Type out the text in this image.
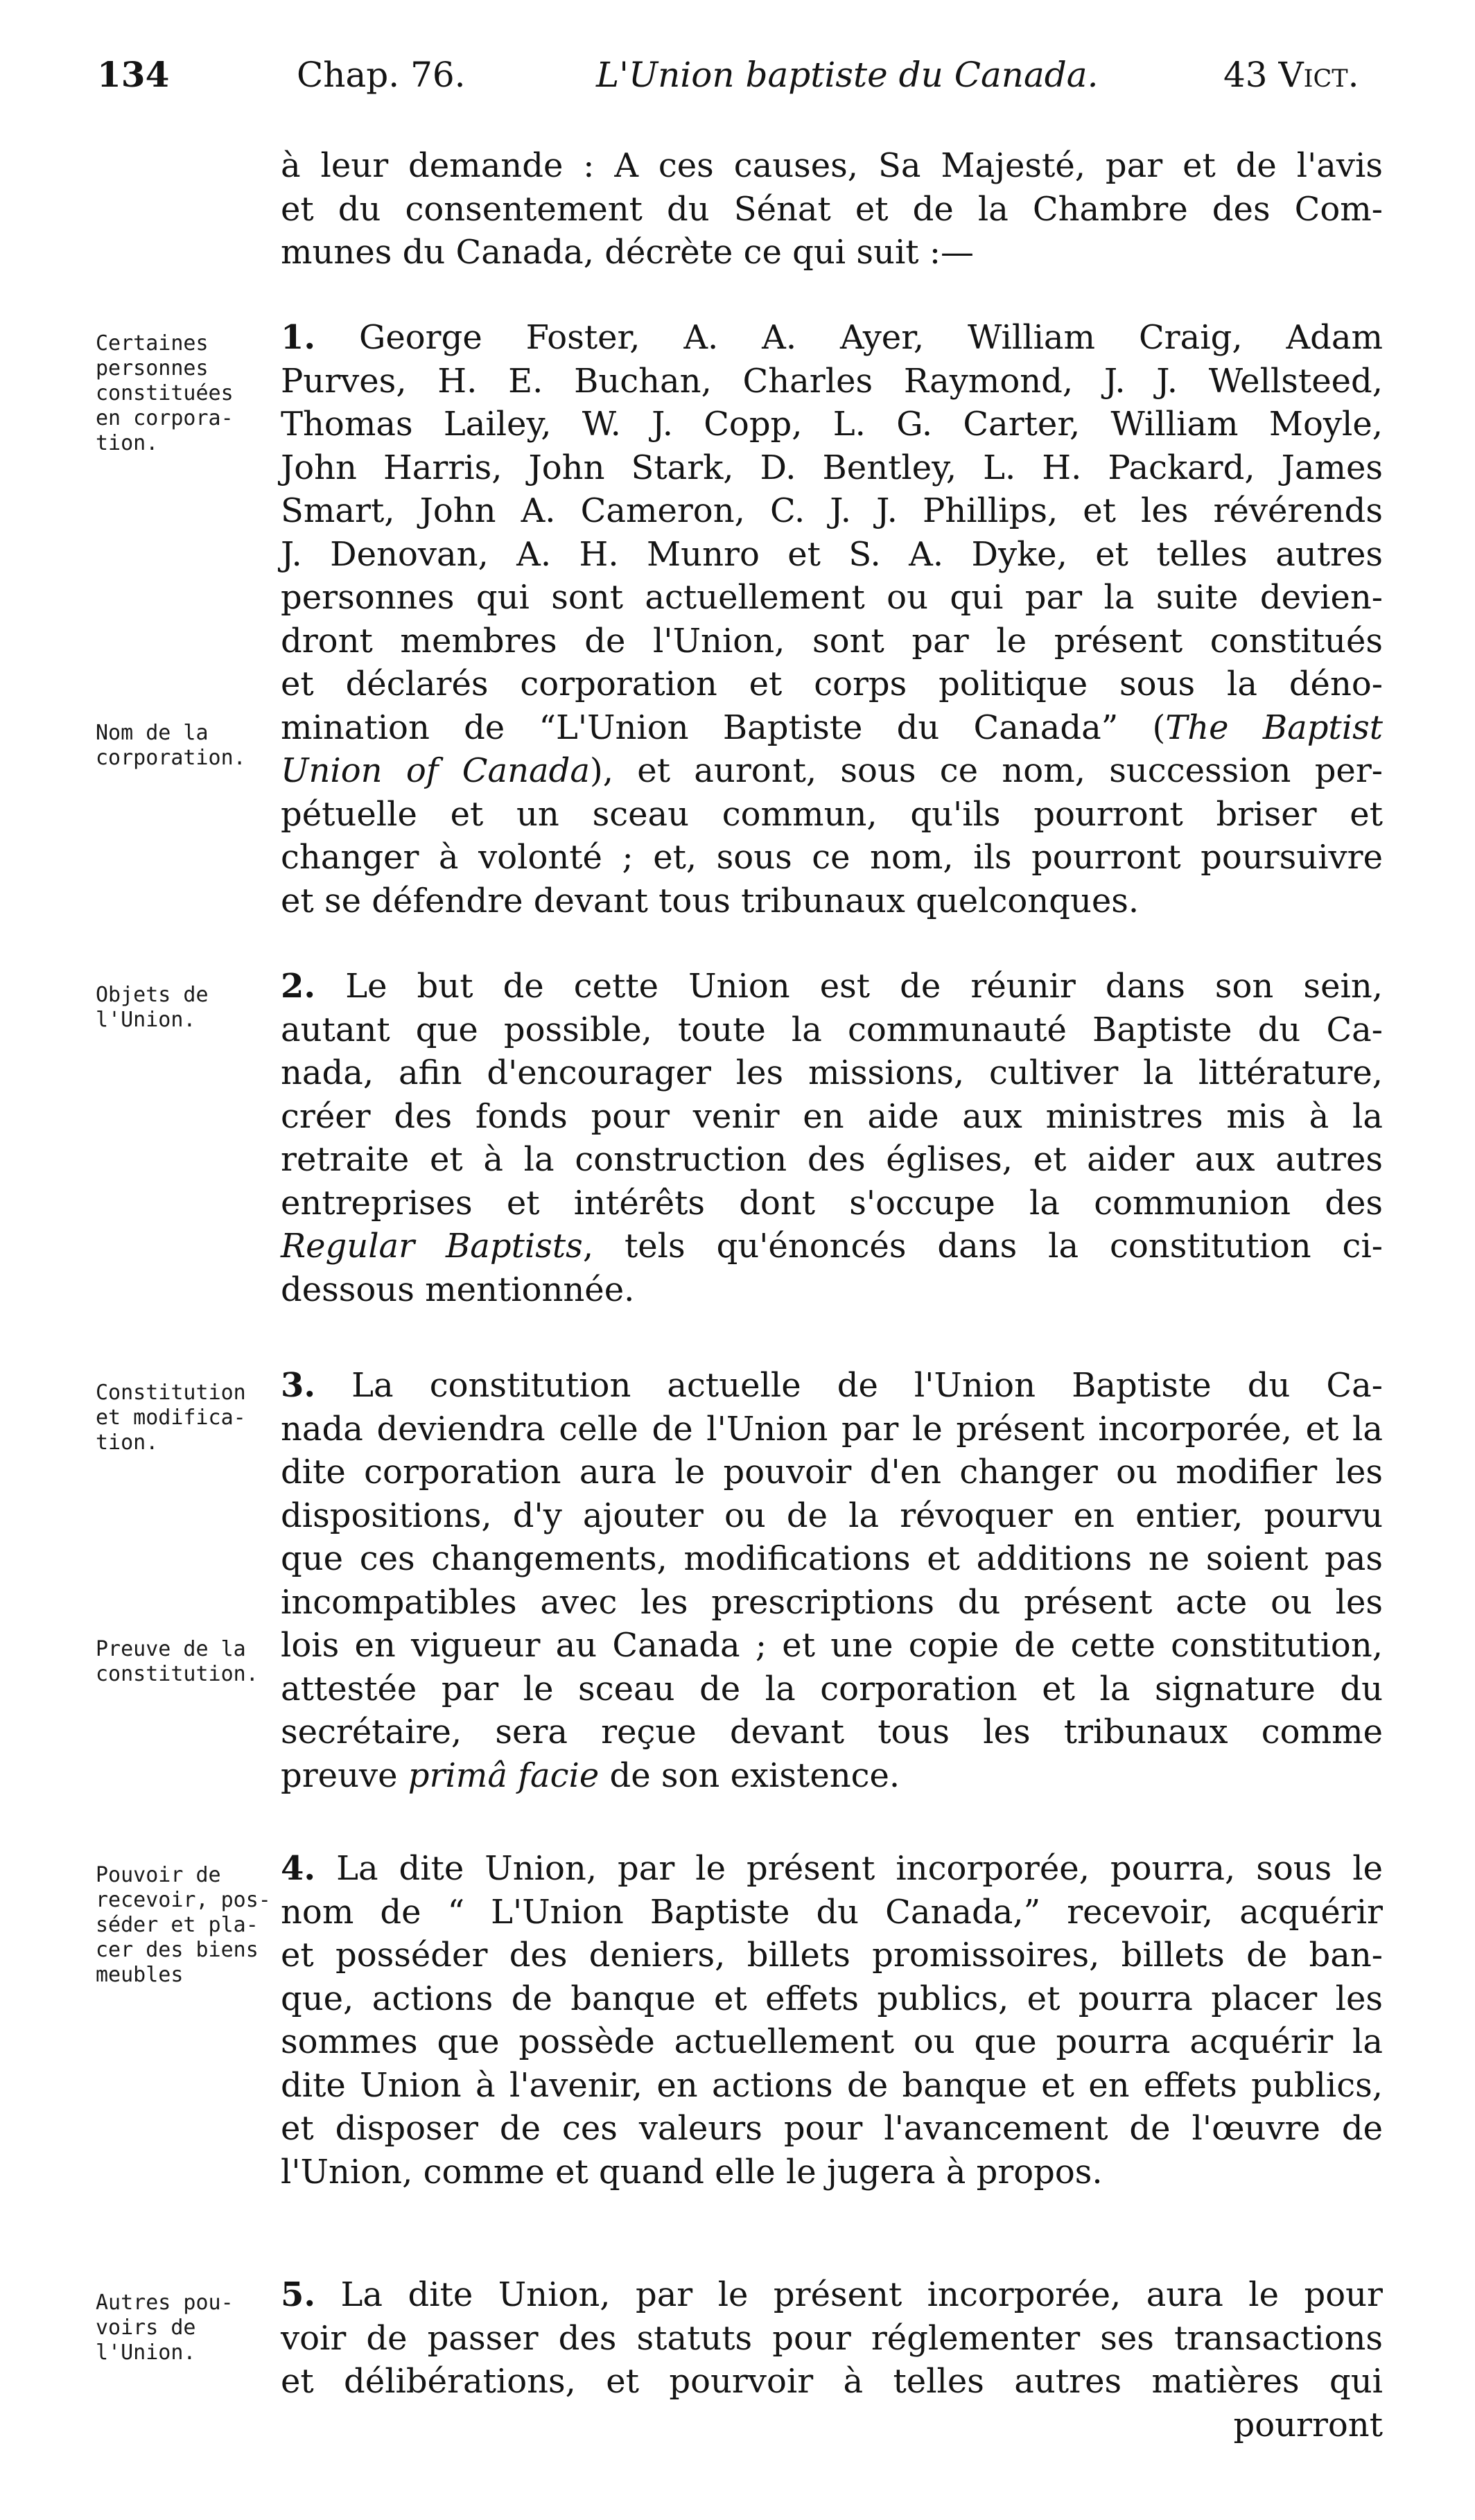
134	Chap. 76.	L'Union baptiste du Canada.	43 Vict.
Certaines
personnes
constituées
en corpora-
tion.
Nom de la
corporation.
Objets de
l'Union.
Constitution
et modifica-
tion.
Preuve de la
constitution.
Pouvoir de
recevoir, pos-
séder et pla-
cer des biens
meubles
Autres pou-
voirs de
l'Union.
à leur demande : A ces causes, Sa Majesté, par et de l'avis
et du consentement du Sénat et de la Chambre des Com-
munes du Canada, décrète ce qui suit :—
1. George Foster, A. A. Ayer, William Craig, Adam
Purves, H. E. Buchan, Charles Raymond, J. J. Wellsteed,
Thomas Lailey, W. J. Copp, L. G. Carter, William Moyle,
John Harris, John Stark, D. Bentley, L. H. Packard, James
Smart, John A. Cameron, C. J. J. Phillips, et les révérends
J. Denovan, A. H. Munro et S. A. Dyke, et telles autres
personnes qui sont actuellement ou qui par la suite devien-
dront membres de l'Union, sont par le présent constitués
et déclarés corporation et corps politique sous la déno-
mination de “L'Union Baptiste du Canada” (The Baptist
Union of Canada), et auront, sous ce nom, succession per-
pétuelle et un sceau commun, qu'ils pourront briser et
changer à volonté ; et, sous ce nom, ils pourront poursuivre
et se défendre devant tous tribunaux quelconques.
2. Le but de cette Union est de réunir dans son sein,
autant que possible, toute la communauté Baptiste du Ca-
nada, afin d'encourager les missions, cultiver la littérature,
créer des fonds pour venir en aide aux ministres mis à la
retraite et à la construction des églises, et aider aux autres
entreprises et intérêts dont s'occupe la communion des
Regular Baptists, tels qu'énoncés dans la constitution ci-
dessous mentionnée.
3. La constitution actuelle de l'Union Baptiste du Ca-
nada deviendra celle de l'Union par le présent incorporée, et la
dite corporation aura le pouvoir d'en changer ou modifier les
dispositions, d'y ajouter ou de la révoquer en entier, pourvu
que ces changements, modifications et additions ne soient pas
incompatibles avec les prescriptions du présent acte ou les
lois en vigueur au Canada ; et une copie de cette constitution,
attestée par le sceau de la corporation et la signature du
secrétaire, sera reçue devant tous les tribunaux comme
preuve primâ facie de son existence.
4. La dite Union, par le présent incorporée, pourra, sous le
nom de “ L'Union Baptiste du Canada,” recevoir, acquérir
et posséder des deniers, billets promissoires, billets de ban-
que, actions de banque et effets publics, et pourra placer les
sommes que possède actuellement ou que pourra acquérir la
dite Union à l'avenir, en actions de banque et en effets publics,
et disposer de ces valeurs pour l'avancement de l'œuvre de
l'Union, comme et quand elle le jugera à propos.
5. La dite Union, par le présent incorporée, aura le pour
voir de passer des statuts pour réglementer ses transactions
et délibérations, et pourvoir à telles autres matières qui
pourront
